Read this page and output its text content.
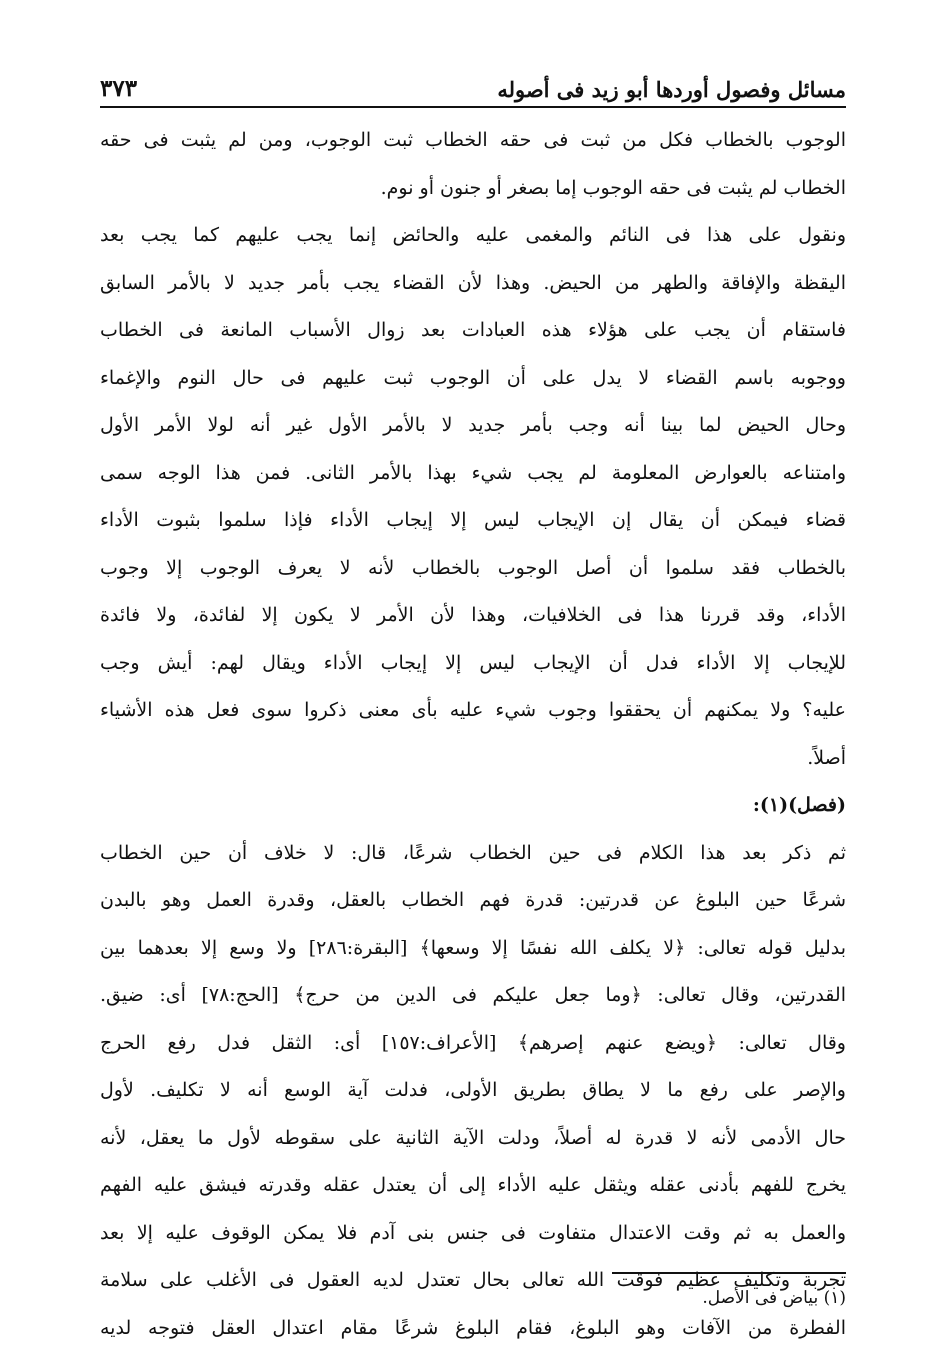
مسائل وفصول أوردها أبو زيد فى أصوله
٣٧٣
الوجوب بالخطاب فكل من ثبت فى حقه الخطاب ثبت الوجوب، ومن لم يثبت فى حقه
الخطاب لم يثبت فى حقه الوجوب إما بصغر أو جنون أو نوم.
ونقول على هذا فى النائم والمغمى عليه والحائض إنما يجب عليهم كما يجب بعد
اليقظة والإفاقة والطهر من الحيض. وهذا لأن القضاء يجب بأمر جديد لا بالأمر السابق
فاستقام أن يجب على هؤلاء هذه العبادات بعد زوال الأسباب المانعة فى الخطاب
ووجوبه باسم القضاء لا يدل على أن الوجوب ثبت عليهم فى حال النوم والإغماء
وحال الحيض لما بينا أنه وجب بأمر جديد لا بالأمر الأول غير أنه لولا الأمر الأول
وامتناعه بالعوارض المعلومة لم يجب شيء بهذا بالأمر الثانى. فمن هذا الوجه سمى
قضاء فيمكن أن يقال إن الإيجاب ليس إلا إيجاب الأداء فإذا سلموا بثبوت الأداء
بالخطاب فقد سلموا أن أصل الوجوب بالخطاب لأنه لا يعرف الوجوب إلا وجوب
الأداء، وقد قررنا هذا فى الخلافيات، وهذا لأن الأمر لا يكون إلا لفائدة، ولا فائدة
للإيجاب إلا الأداء فدل أن الإيجاب ليس إلا إيجاب الأداء ويقال لهم: أيش وجب
عليه؟ ولا يمكنهم أن يحققوا وجوب شيء عليه بأى معنى ذكروا سوى فعل هذه الأشياء
أصلاً.
(فصل)(١):
ثم ذكر بعد هذا الكلام فى حين الخطاب شرعًا، قال: لا خلاف أن حين الخطاب
شرعًا حين البلوغ عن قدرتين: قدرة فهم الخطاب بالعقل، وقدرة العمل وهو بالبدن
بدليل قوله تعالى: ﴿لا يكلف الله نفسًا إلا وسعها﴾ [البقرة:٢٨٦] ولا وسع إلا بعدهما بين
القدرتين، وقال تعالى: ﴿وما جعل عليكم فى الدين من حرج﴾ [الحج:٧٨] أى: ضيق.
وقال تعالى: ﴿ويضع عنهم إصرهم﴾ [الأعراف:١٥٧] أى: الثقل فدل رفع الحرج
والإصر على رفع ما لا يطاق بطريق الأولى، فدلت آية الوسع أنه لا تكليف. لأول
حال الأدمى لأنه لا قدرة له أصلاً، ودلت الآية الثانية على سقوطه لأول ما يعقل، لأنه
يخرج للفهم بأدنى عقله ويثقل عليه الأداء إلى أن يعتدل عقله وقدرته فيشق عليه الفهم
والعمل به ثم وقت الاعتدال متفاوت فى جنس بنى آدم فلا يمكن الوقوف عليه إلا بعد
تجربة وتكليف عظيم فوقت الله تعالى بحال تعتدل لديه العقول فى الأغلب على سلامة
الفطرة من الآفات وهو البلوغ، فقام البلوغ شرعًا مقام اعتدال العقل فتوجه لديه
(١) بياض فى الأصل.
